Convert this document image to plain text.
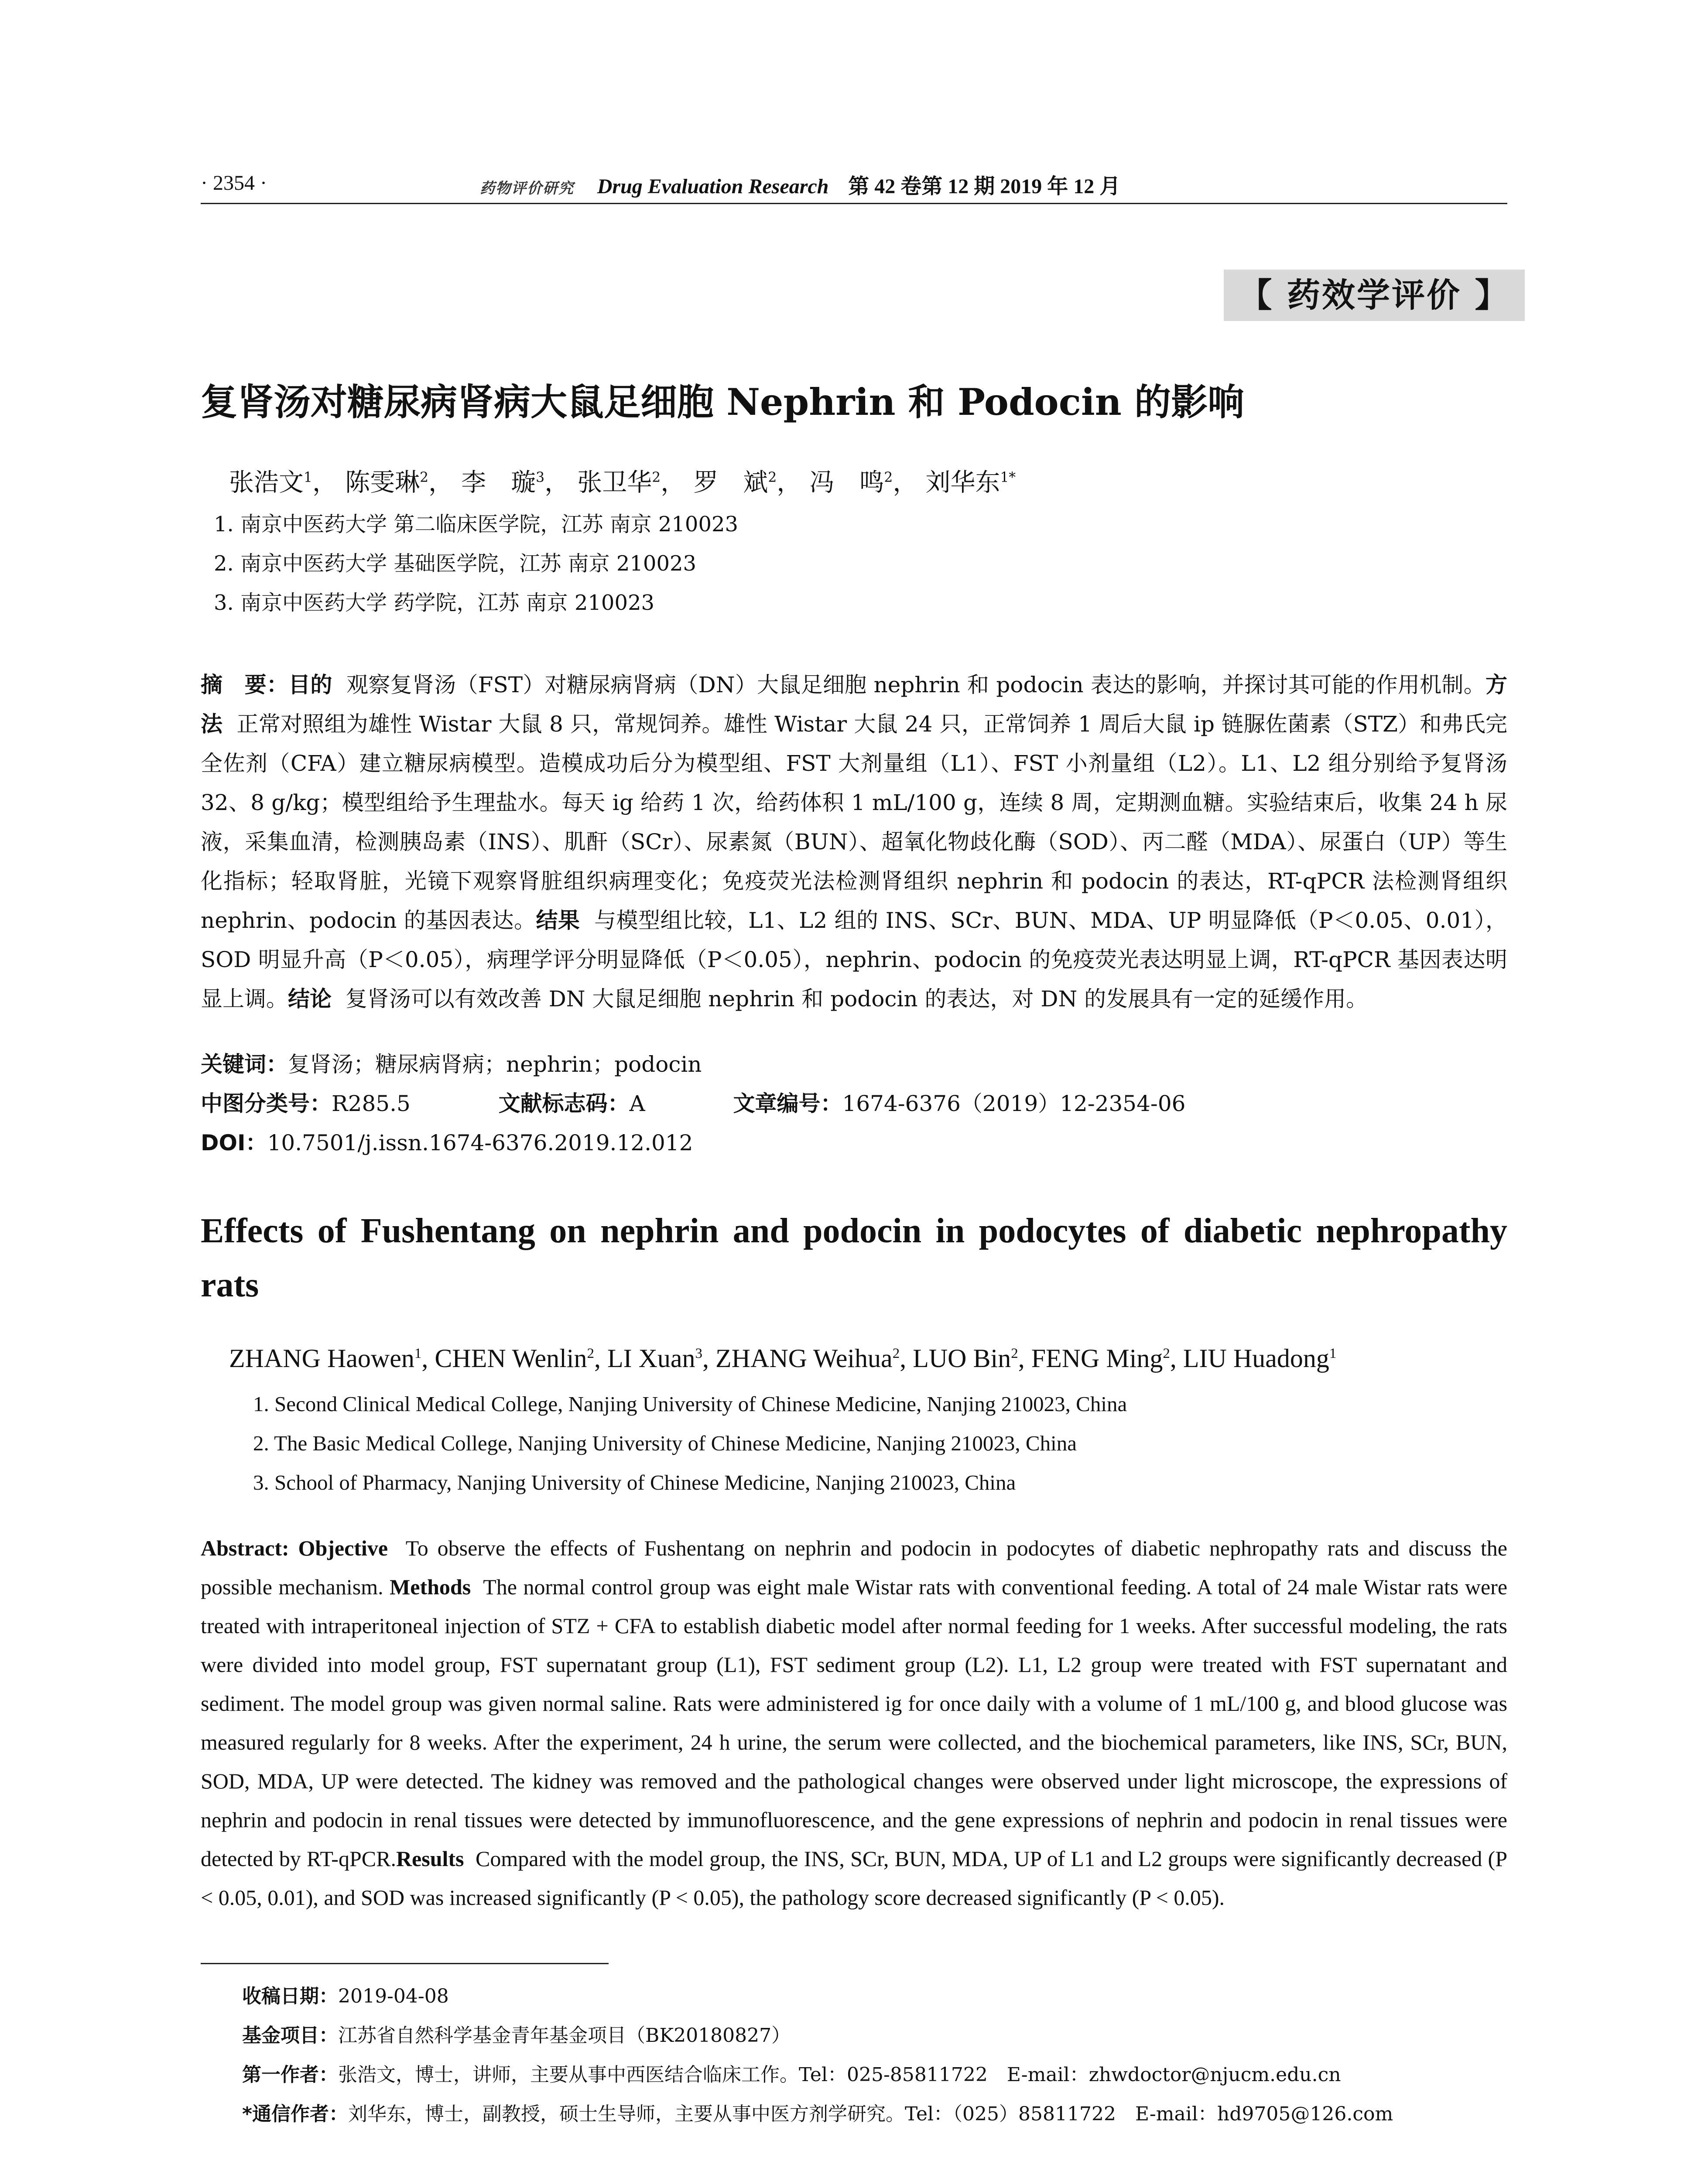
· 2354 ·	药物评价研究 Drug Evaluation Research 第 42 卷第 12 期 2019 年 12 月
【 药效学评价 】
复肾汤对糖尿病肾病大鼠足细胞 Nephrin 和 Podocin 的影响
张浩文$^1$， 陈雯琳$^2$， 李　璇$^3$， 张卫华$^2$， 罗　斌$^2$， 冯　鸣$^2$， 刘华东$^{1*}$
1. 南京中医药大学 第二临床医学院，江苏 南京 210023
2. 南京中医药大学 基础医学院，江苏 南京 210023
3. 南京中医药大学 药学院，江苏 南京 210023
摘　要：目的 观察复肾汤（FST）对糖尿病肾病（DN）大鼠足细胞 nephrin 和 podocin 表达的影响，并探讨其可能的作用机制。方法 正常对照组为雄性 Wistar 大鼠 8 只，常规饲养。雄性 Wistar 大鼠 24 只，正常饲养 1 周后大鼠 ip 链脲佐菌素（STZ）和弗氏完全佐剂（CFA）建立糖尿病模型。造模成功后分为模型组、FST 大剂量组（L1）、FST 小剂量组（L2）。L1、L2 组分别给予复肾汤 32、8 g/kg；模型组给予生理盐水。每天 ig 给药 1 次，给药体积 1 mL/100 g，连续 8 周，定期测血糖。实验结束后，收集 24 h 尿液，采集血清，检测胰岛素（INS）、肌酐（SCr）、尿素氮（BUN）、超氧化物歧化酶（SOD）、丙二醛（MDA）、尿蛋白（UP）等生化指标；轻取肾脏，光镜下观察肾脏组织病理变化；免疫荧光法检测肾组织 nephrin 和 podocin 的表达，RT-qPCR 法检测肾组织 nephrin、podocin 的基因表达。结果 与模型组比较，L1、L2 组的 INS、SCr、BUN、MDA、UP 明显降低（P＜0.05、0.01），SOD 明显升高（P＜0.05），病理学评分明显降低（P＜0.05），nephrin、podocin 的免疫荧光表达明显上调，RT-qPCR 基因表达明显上调。结论 复肾汤可以有效改善 DN 大鼠足细胞 nephrin 和 podocin 的表达，对 DN 的发展具有一定的延缓作用。
关键词：复肾汤；糖尿病肾病；nephrin；podocin
中图分类号：R285.5	文献标志码：A	文章编号：1674-6376（2019）12-2354-06
DOI：10.7501/j.issn.1674-6376.2019.12.012
Effects of Fushentang on nephrin and podocin in podocytes of diabetic nephropathy rats
ZHANG Haowen$^1$, CHEN Wenlin$^2$, LI Xuan$^3$, ZHANG Weihua$^2$, LUO Bin$^2$, FENG Ming$^2$, LIU Huadong$^1$
1. Second Clinical Medical College, Nanjing University of Chinese Medicine, Nanjing 210023, China
2. The Basic Medical College, Nanjing University of Chinese Medicine, Nanjing 210023, China
3. School of Pharmacy, Nanjing University of Chinese Medicine, Nanjing 210023, China
Abstract: Objective To observe the effects of Fushentang on nephrin and podocin in podocytes of diabetic nephropathy rats and discuss the possible mechanism. Methods The normal control group was eight male Wistar rats with conventional feeding. A total of 24 male Wistar rats were treated with intraperitoneal injection of STZ + CFA to establish diabetic model after normal feeding for 1 weeks. After successful modeling, the rats were divided into model group, FST supernatant group (L1), FST sediment group (L2). L1, L2 group were treated with FST supernatant and sediment. The model group was given normal saline. Rats were administered ig for once daily with a volume of 1 mL/100 g, and blood glucose was measured regularly for 8 weeks. After the experiment, 24 h urine, the serum were collected, and the biochemical parameters, like INS, SCr, BUN, SOD, MDA, UP were detected. The kidney was removed and the pathological changes were observed under light microscope, the expressions of nephrin and podocin in renal tissues were detected by immunofluorescence, and the gene expressions of nephrin and podocin in renal tissues were detected by RT-qPCR.Results Compared with the model group, the INS, SCr, BUN, MDA, UP of L1 and L2 groups were significantly decreased (P < 0.05, 0.01), and SOD was increased significantly (P < 0.05), the pathology score decreased significantly (P < 0.05).
收稿日期：2019-04-08
基金项目：江苏省自然科学基金青年基金项目（BK20180827）
第一作者：张浩文，博士，讲师，主要从事中西医结合临床工作。Tel：025-85811722　E-mail：zhwdoctor@njucm.edu.cn
*通信作者：刘华东，博士，副教授，硕士生导师，主要从事中医方剂学研究。Tel：（025）85811722　E-mail：hd9705@126.com
